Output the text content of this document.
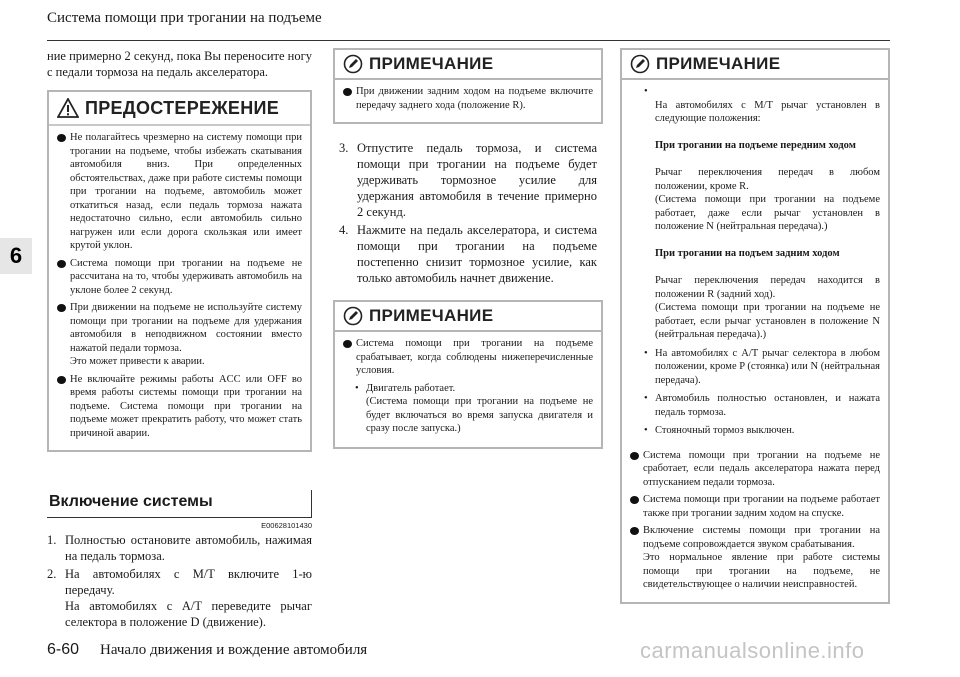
Система помощи при трогании на подъеме
6
ние примерно 2 секунд, пока Вы переносите ногу с педали тормоза на педаль акселератора.
ПРЕДОСТЕРЕЖЕНИЕ
Не полагайтесь чрезмерно на систему помощи при трогании на подъеме, чтобы избежать скатывания автомобиля вниз. При определенных обстоятельствах, даже при работе системы помощи при трогании на подъеме, автомобиль может откатиться назад, если педаль тормоза нажата недостаточно сильно, если автомобиль сильно нагружен или если дорога скользкая или имеет крутой уклон.
Система помощи при трогании на подъеме не рассчитана на то, чтобы удерживать автомобиль на уклоне более 2 секунд.
При движении на подъеме не используйте систему помощи при трогании на подъеме для удержания автомобиля в неподвижном состоянии вместо нажатой педали тормоза.
Это может привести к аварии.
Не включайте режимы работы ACC или OFF во время работы системы помощи при трогании на подъеме. Система помощи при трогании на подъеме может прекратить работу, что может стать причиной аварии.
Включение системы
E00628101430
1. Полностью остановите автомобиль, нажимая на педаль тормоза.
2. На автомобилях с M/T включите 1-ю передачу.
На автомобилях с A/T переведите рычаг селектора в положение D (движение).
ПРИМЕЧАНИЕ
При движении задним ходом на подъеме включите передачу заднего хода (положение R).
3. Отпустите педаль тормоза, и система помощи при трогании на подъеме будет удерживать тормозное усилие для удержания автомобиля в течение примерно 2 секунд.
4. Нажмите на педаль акселератора, и система помощи при трогании на подъеме постепенно снизит тормозное усилие, как только автомобиль начнет движение.
ПРИМЕЧАНИЕ
Система помощи при трогании на подъеме срабатывает, когда соблюдены нижеперечисленные условия.
• Двигатель работает.
(Система помощи при трогании на подъеме не будет включаться во время запуска двигателя и сразу после запуска.)
ПРИМЕЧАНИЕ
•

На автомобилях с M/T рычаг установлен в следующие положения:

При трогании на подъеме передним ходом

Рычаг переключения передач в любом положении, кроме R.
(Система помощи при трогании на подъеме работает, даже если рычаг установлен в положение N (нейтральная передача).)

При трогании на подъем задним ходом

Рычаг переключения передач находится в положении R (задний ход).
(Система помощи при трогании на подъеме не работает, если рычаг установлен в положение N (нейтральная передача).)

• На автомобилях с A/T рычаг селектора в любом положении, кроме P (стоянка) или N (нейтральная передача).
• Автомобиль полностью остановлен, и нажата педаль тормоза.
• Стояночный тормоз выключен.
Система помощи при трогании на подъеме не сработает, если педаль акселератора нажата перед отпусканием педали тормоза.
Система помощи при трогании на подъеме работает также при трогании задним ходом на спуске.
Включение системы помощи при трогании на подъеме сопровождается звуком срабатывания.
Это нормальное явление при работе системы помощи при трогании на подъеме, не свидетельствующее о наличии неисправностей.
6-60 Начало движения и вождение автомобиля	carmanualsonline.info
